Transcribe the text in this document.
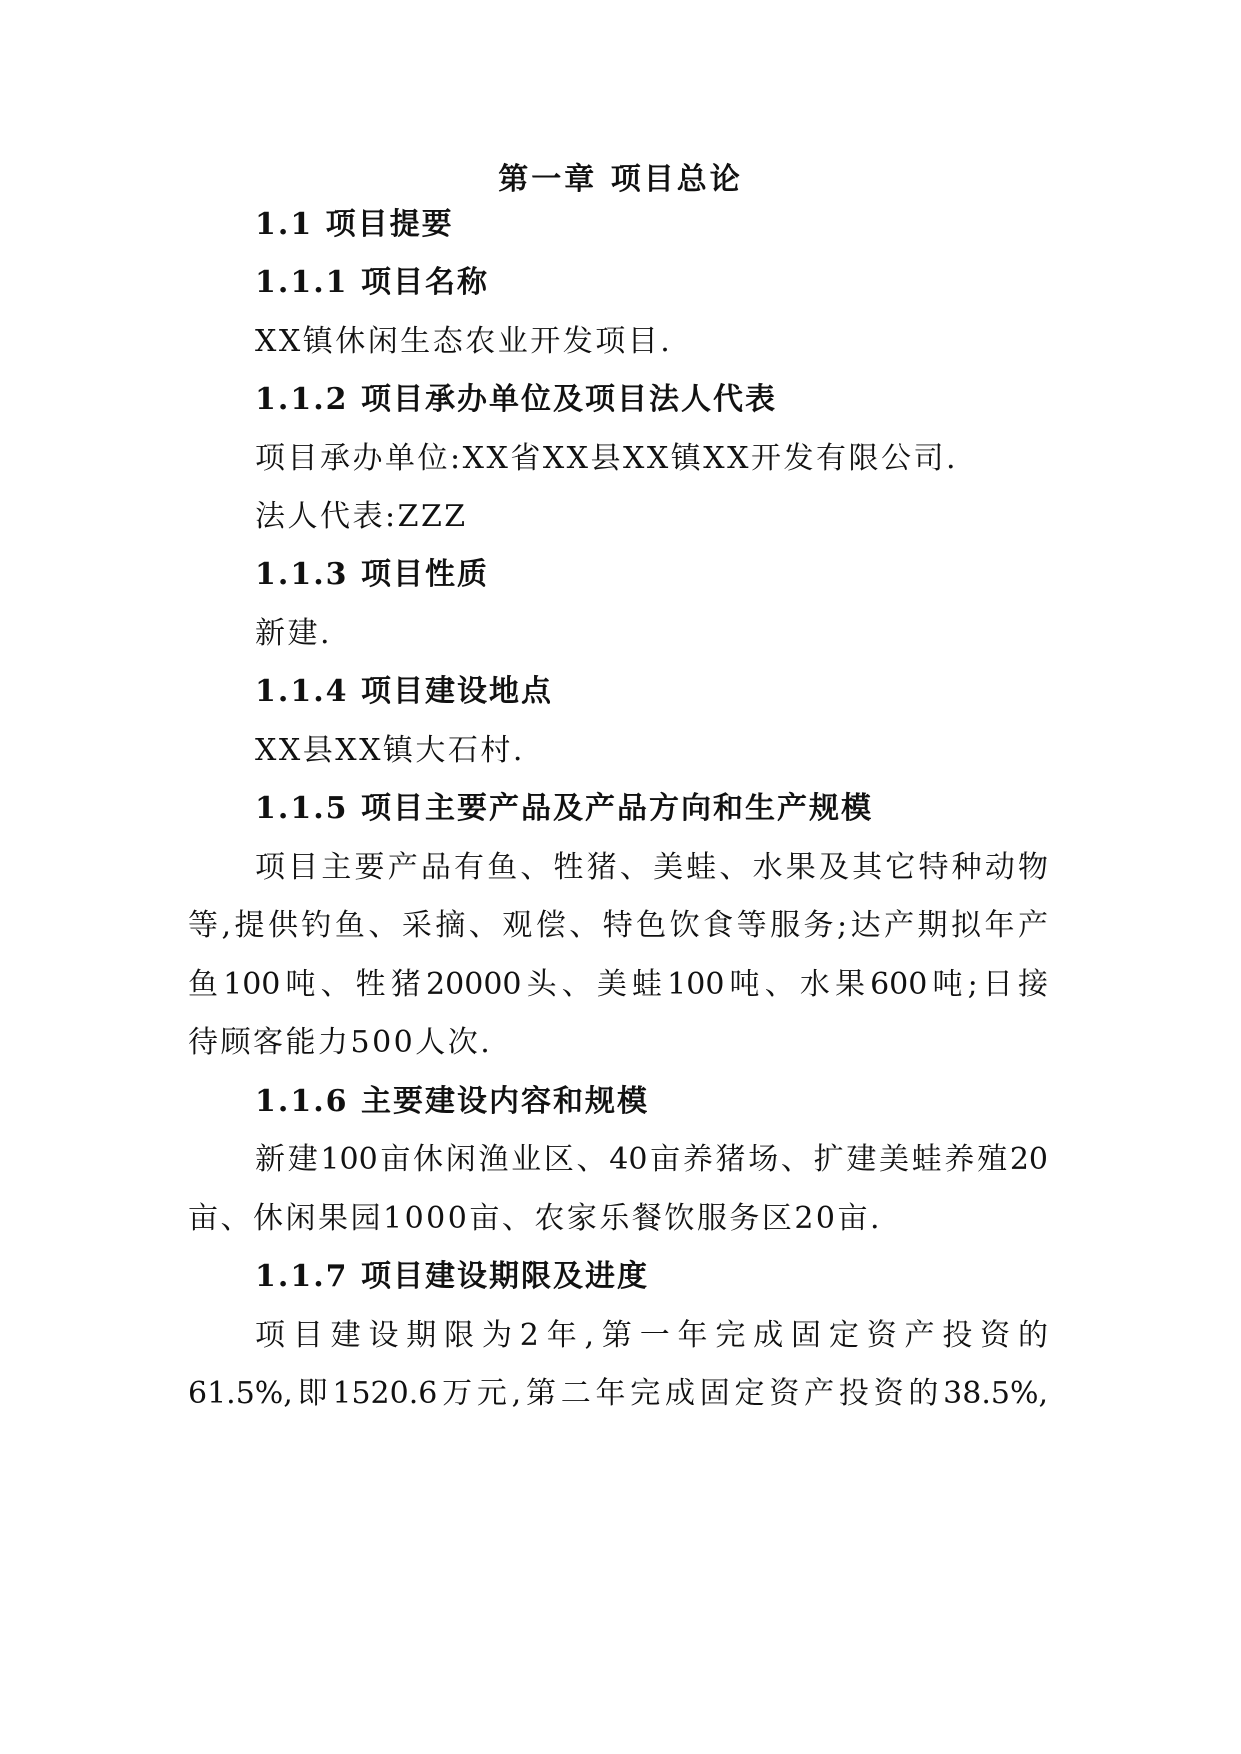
第一章 项目总论
1.1 项目提要
1.1.1 项目名称
XX镇休闲生态农业开发项目.
1.1.2 项目承办单位及项目法人代表
项目承办单位:XX省XX县XX镇XX开发有限公司.
法人代表:ZZZ
1.1.3 项目性质
新建.
1.1.4 项目建设地点
XX县XX镇大石村.
1.1.5 项目主要产品及产品方向和生产规模
项目主要产品有鱼、牲猪、美蛙、水果及其它特种动物
等,提供钓鱼、采摘、观偿、特色饮食等服务;达产期拟年产
鱼100吨、牲猪20000头、美蛙100吨、水果600吨;日接
待顾客能力500人次.
1.1.6 主要建设内容和规模
新建100亩休闲渔业区、40亩养猪场、扩建美蛙养殖20
亩、休闲果园1000亩、农家乐餐饮服务区20亩.
1.1.7 项目建设期限及进度
项目建设期限为2年,第一年完成固定资产投资的
61.5%,即1520.6万元,第二年完成固定资产投资的38.5%,
